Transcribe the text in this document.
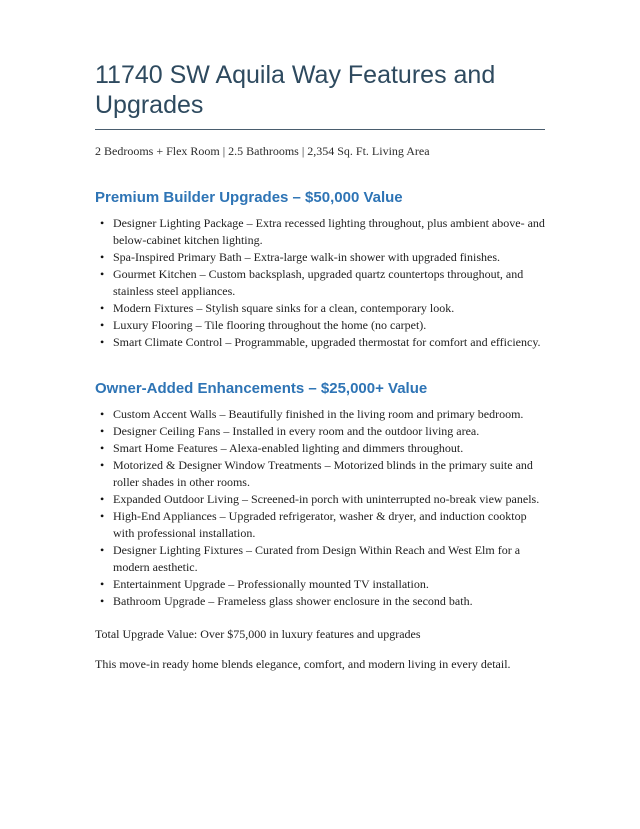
11740 SW Aquila Way Features and Upgrades
2 Bedrooms + Flex Room | 2.5 Bathrooms | 2,354 Sq. Ft. Living Area
Premium Builder Upgrades – $50,000 Value
• Designer Lighting Package – Extra recessed lighting throughout, plus ambient above- and below-cabinet kitchen lighting.
• Spa-Inspired Primary Bath – Extra-large walk-in shower with upgraded finishes.
• Gourmet Kitchen – Custom backsplash, upgraded quartz countertops throughout, and stainless steel appliances.
• Modern Fixtures – Stylish square sinks for a clean, contemporary look.
• Luxury Flooring – Tile flooring throughout the home (no carpet).
• Smart Climate Control – Programmable, upgraded thermostat for comfort and efficiency.
Owner-Added Enhancements – $25,000+ Value
• Custom Accent Walls – Beautifully finished in the living room and primary bedroom.
• Designer Ceiling Fans – Installed in every room and the outdoor living area.
• Smart Home Features – Alexa-enabled lighting and dimmers throughout.
• Motorized & Designer Window Treatments – Motorized blinds in the primary suite and roller shades in other rooms.
• Expanded Outdoor Living – Screened-in porch with uninterrupted no-break view panels.
• High-End Appliances – Upgraded refrigerator, washer & dryer, and induction cooktop with professional installation.
• Designer Lighting Fixtures – Curated from Design Within Reach and West Elm for a modern aesthetic.
• Entertainment Upgrade – Professionally mounted TV installation.
• Bathroom Upgrade – Frameless glass shower enclosure in the second bath.
Total Upgrade Value: Over $75,000 in luxury features and upgrades
This move-in ready home blends elegance, comfort, and modern living in every detail.
